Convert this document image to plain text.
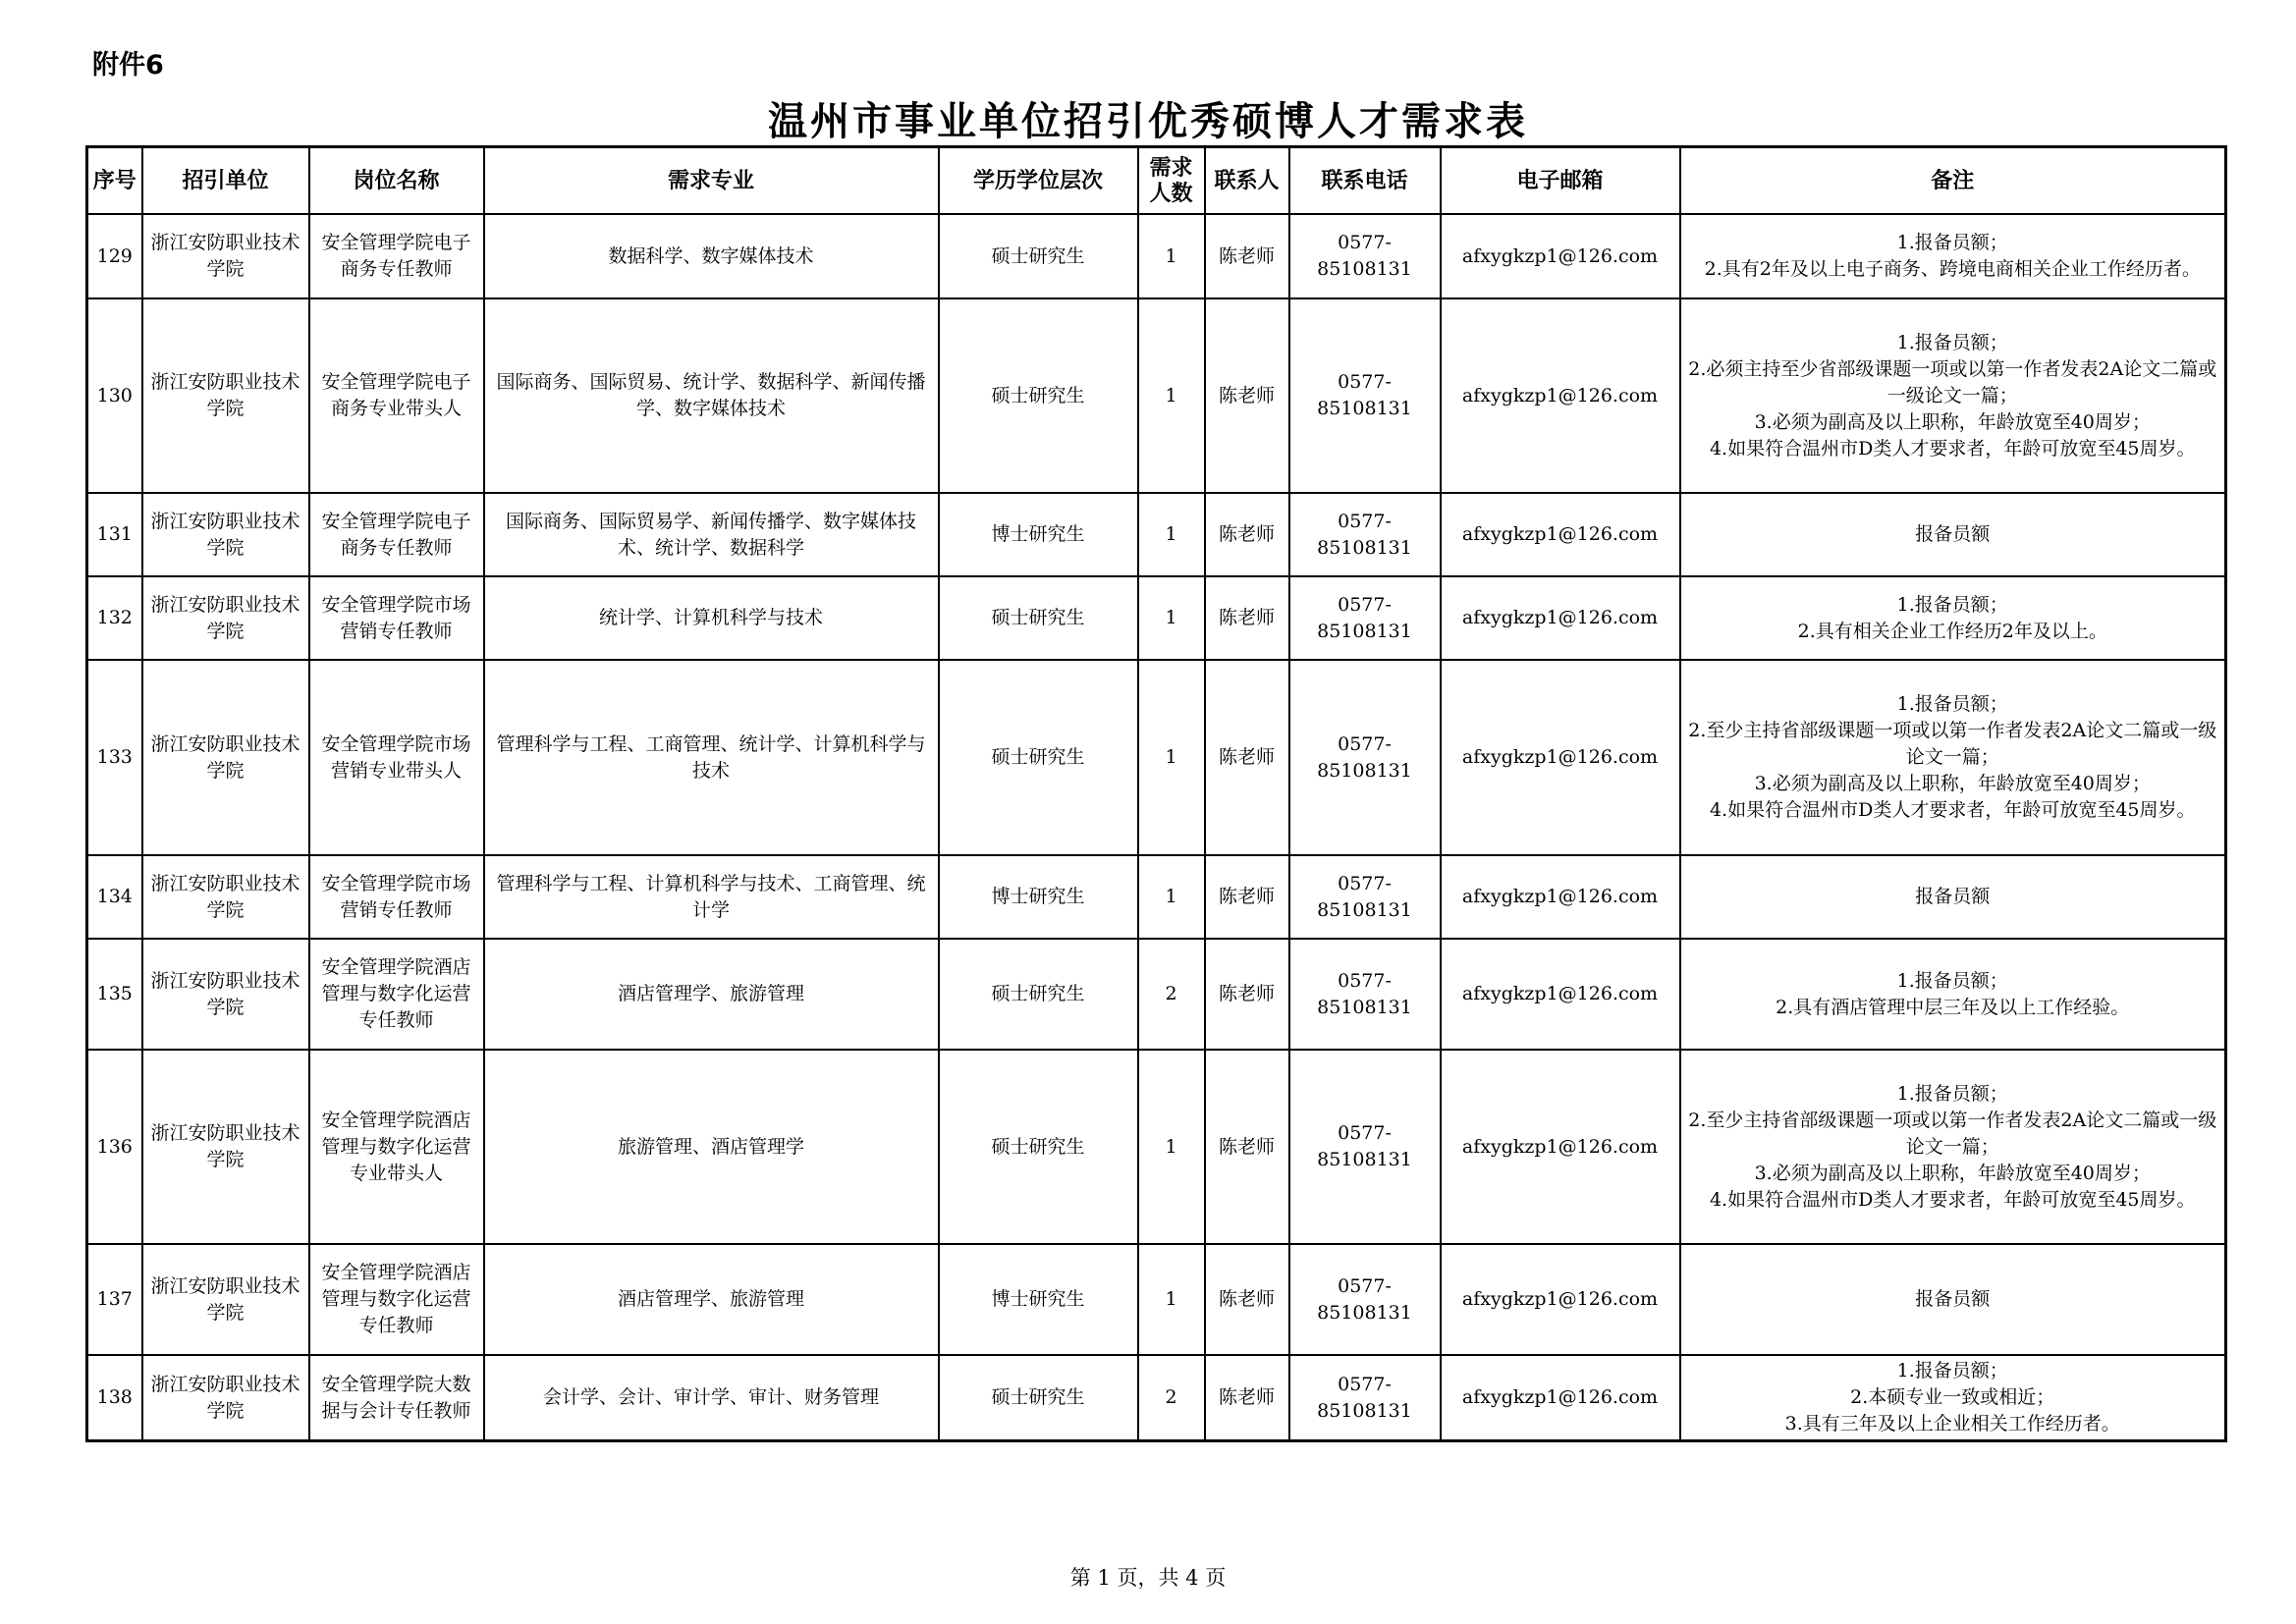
附件6
温州市事业单位招引优秀硕博人才需求表
序号	招引单位	岗位名称	需求专业	学历学位层次	需求人数	联系人	联系电话	电子邮箱	备注
129	浙江安防职业技术学院	安全管理学院电子商务专任教师	数据科学、数字媒体技术	硕士研究生	1	陈老师	0577-85108131	afxygkzp1@126.com	1.报备员额；
2.具有2年及以上电子商务、跨境电商相关企业工作经历者。

130	浙江安防职业技术学院	安全管理学院电子商务专业带头人	国际商务、国际贸易、统计学、数据科学、新闻传播学、数字媒体技术	硕士研究生	1	陈老师	0577-85108131	afxygkzp1@126.com	1.报备员额；
2.必须主持至少省部级课题一项或以第一作者发表2A论文二篇或一级论文一篇；
3.必须为副高及以上职称，年龄放宽至40周岁；
4.如果符合温州市D类人才要求者，年龄可放宽至45周岁。

131	浙江安防职业技术学院	安全管理学院电子商务专任教师	国际商务、国际贸易学、新闻传播学、数字媒体技术、统计学、数据科学	博士研究生	1	陈老师	0577-85108131	afxygkzp1@126.com	报备员额

132	浙江安防职业技术学院	安全管理学院市场营销专任教师	统计学、计算机科学与技术	硕士研究生	1	陈老师	0577-85108131	afxygkzp1@126.com	1.报备员额；
2.具有相关企业工作经历2年及以上。

133	浙江安防职业技术学院	安全管理学院市场营销专业带头人	管理科学与工程、工商管理、统计学、计算机科学与技术	硕士研究生	1	陈老师	0577-85108131	afxygkzp1@126.com	1.报备员额；
2.至少主持省部级课题一项或以第一作者发表2A论文二篇或一级论文一篇；
3.必须为副高及以上职称，年龄放宽至40周岁；
4.如果符合温州市D类人才要求者，年龄可放宽至45周岁。

134	浙江安防职业技术学院	安全管理学院市场营销专任教师	管理科学与工程、计算机科学与技术、工商管理、统计学	博士研究生	1	陈老师	0577-85108131	afxygkzp1@126.com	报备员额

135	浙江安防职业技术学院	安全管理学院酒店管理与数字化运营专任教师	酒店管理学、旅游管理	硕士研究生	2	陈老师	0577-85108131	afxygkzp1@126.com	1.报备员额；
2.具有酒店管理中层三年及以上工作经验。

136	浙江安防职业技术学院	安全管理学院酒店管理与数字化运营专业带头人	旅游管理、酒店管理学	硕士研究生	1	陈老师	0577-85108131	afxygkzp1@126.com	1.报备员额；
2.至少主持省部级课题一项或以第一作者发表2A论文二篇或一级论文一篇；
3.必须为副高及以上职称，年龄放宽至40周岁；
4.如果符合温州市D类人才要求者，年龄可放宽至45周岁。

137	浙江安防职业技术学院	安全管理学院酒店管理与数字化运营专任教师	酒店管理学、旅游管理	博士研究生	1	陈老师	0577-85108131	afxygkzp1@126.com	报备员额

138	浙江安防职业技术学院	安全管理学院大数据与会计专任教师	会计学、会计、审计学、审计、财务管理	硕士研究生	2	陈老师	0577-85108131	afxygkzp1@126.com	1.报备员额；
2.本硕专业一致或相近；
3.具有三年及以上企业相关工作经历者。
第 1 页，共 4 页
